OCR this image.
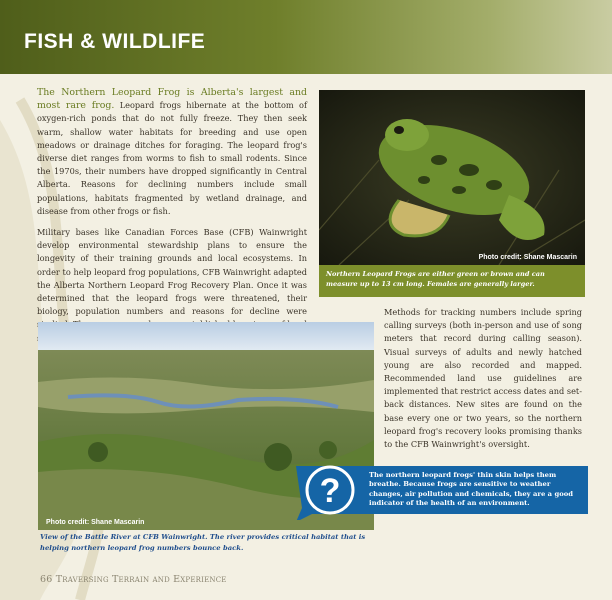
FISH & WILDLIFE

The Northern Leopard Frog is Alberta's largest and most rare frog. Leopard frogs hibernate at the bottom of oxygen-rich ponds that do not fully freeze. They then seek warm, shallow water habitats for breeding and use open meadows or drainage ditches for foraging. The leopard frog's diverse diet ranges from worms to fish to small rodents. Since the 1970s, their numbers have dropped significantly in Central Alberta. Reasons for declining numbers include small populations, habitats fragmented by wetland drainage, and disease from other frogs or fish.

Military bases like Canadian Forces Base (CFB) Wainwright develop environmental stewardship plans to ensure the longevity of their training grounds and local ecosystems. In order to help leopard frog populations, CFB Wainwright adapted the Alberta Northern Leopard Frog Recovery Plan. Once it was determined that the leopard frogs were threatened, their biology, population numbers and reasons for decline were

Photo credit: Shane Mascarin
Northern Leopard Frogs are either green or brown and can measure up to 13 cm long. Females are generally larger.
Photo credit: Shane Mascarin
View of the Battle River at CFB Wainwright. The river provides critical habitat that is helping northern leopard frog numbers bounce back.

Methods for tracking numbers include spring calling surveys (both in-person and use of song meters that record during calling season). Visual surveys of adults and newly hatched young are also recorded and mapped. Recommended land use guidelines are implemented that restrict access dates and set-back distances. New sites are found on the base every one or two years, so the northern leopard frog's recovery looks promising thanks to the CFB Wainwright's oversight.

?	The northern leopard frogs' thin skin helps them breathe. Because frogs are sensitive to weather changes, air pollution and chemicals, they are a good indicator of the health of an environment.
66 Traversing Terrain and Experience
